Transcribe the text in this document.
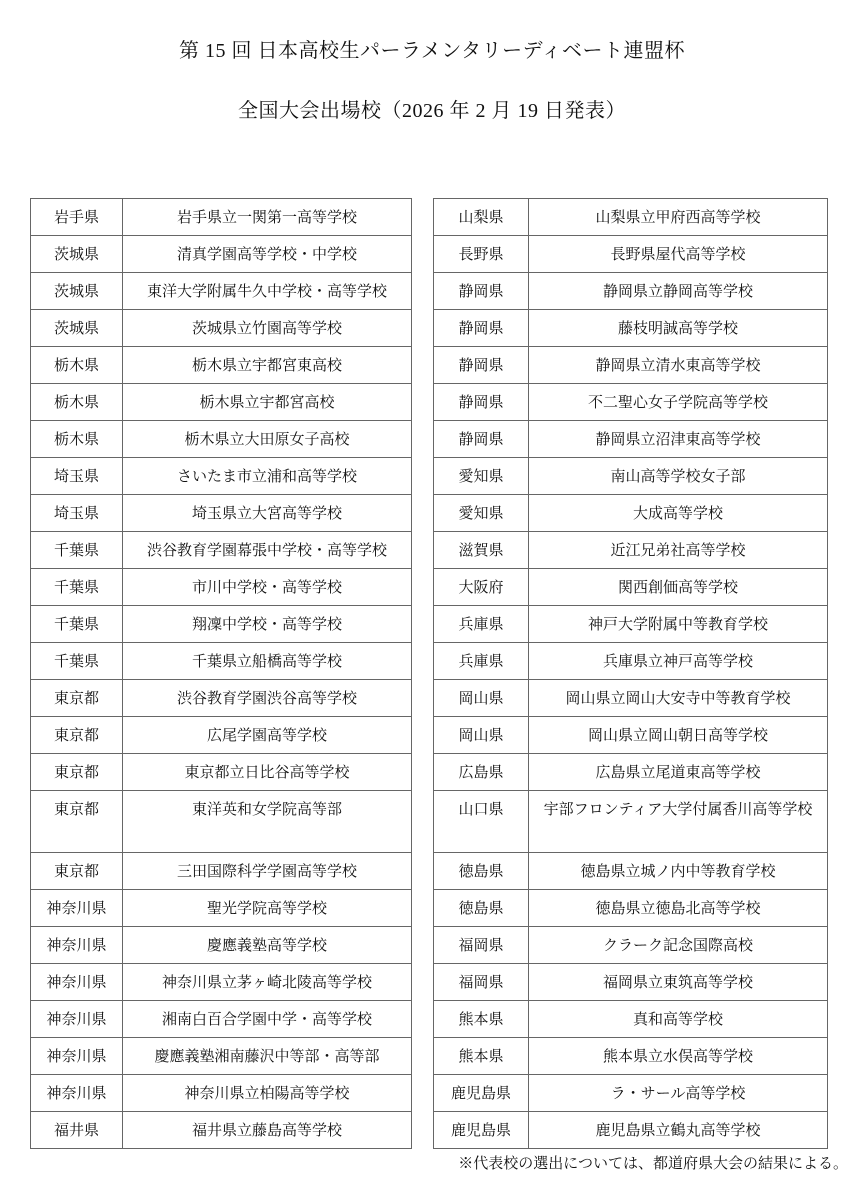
第 15 回 日本高校生パーラメンタリーディベート連盟杯
全国大会出場校（2026 年 2 月 19 日発表）
岩手県	岩手県立一関第一高等学校
茨城県	清真学園高等学校・中学校
茨城県	東洋大学附属牛久中学校・高等学校
茨城県	茨城県立竹園高等学校
栃木県	栃木県立宇都宮東高校
栃木県	栃木県立宇都宮高校
栃木県	栃木県立大田原女子高校
埼玉県	さいたま市立浦和高等学校
埼玉県	埼玉県立大宮高等学校
千葉県	渋谷教育学園幕張中学校・高等学校
千葉県	市川中学校・高等学校
千葉県	翔凜中学校・高等学校
千葉県	千葉県立船橋高等学校
東京都	渋谷教育学園渋谷高等学校
東京都	広尾学園高等学校
東京都	東京都立日比谷高等学校
東京都	東洋英和女学院高等部
東京都	三田国際科学学園高等学校
神奈川県	聖光学院高等学校
神奈川県	慶應義塾高等学校
神奈川県	神奈川県立茅ヶ崎北陵高等学校
神奈川県	湘南白百合学園中学・高等学校
神奈川県	慶應義塾湘南藤沢中等部・高等部
神奈川県	神奈川県立柏陽高等学校
福井県	福井県立藤島高等学校
山梨県	山梨県立甲府西高等学校
長野県	長野県屋代高等学校
静岡県	静岡県立静岡高等学校
静岡県	藤枝明誠高等学校
静岡県	静岡県立清水東高等学校
静岡県	不二聖心女子学院高等学校
静岡県	静岡県立沼津東高等学校
愛知県	南山高等学校女子部
愛知県	大成高等学校
滋賀県	近江兄弟社高等学校
大阪府	関西創価高等学校
兵庫県	神戸大学附属中等教育学校
兵庫県	兵庫県立神戸高等学校
岡山県	岡山県立岡山大安寺中等教育学校
岡山県	岡山県立岡山朝日高等学校
広島県	広島県立尾道東高等学校
山口県	宇部フロンティア大学付属香川高等学校
徳島県	徳島県立城ノ内中等教育学校
徳島県	徳島県立徳島北高等学校
福岡県	クラーク記念国際高校
福岡県	福岡県立東筑高等学校
熊本県	真和高等学校
熊本県	熊本県立水俣高等学校
鹿児島県	ラ・サール高等学校
鹿児島県	鹿児島県立鶴丸高等学校
※代表校の選出については、都道府県大会の結果による。
